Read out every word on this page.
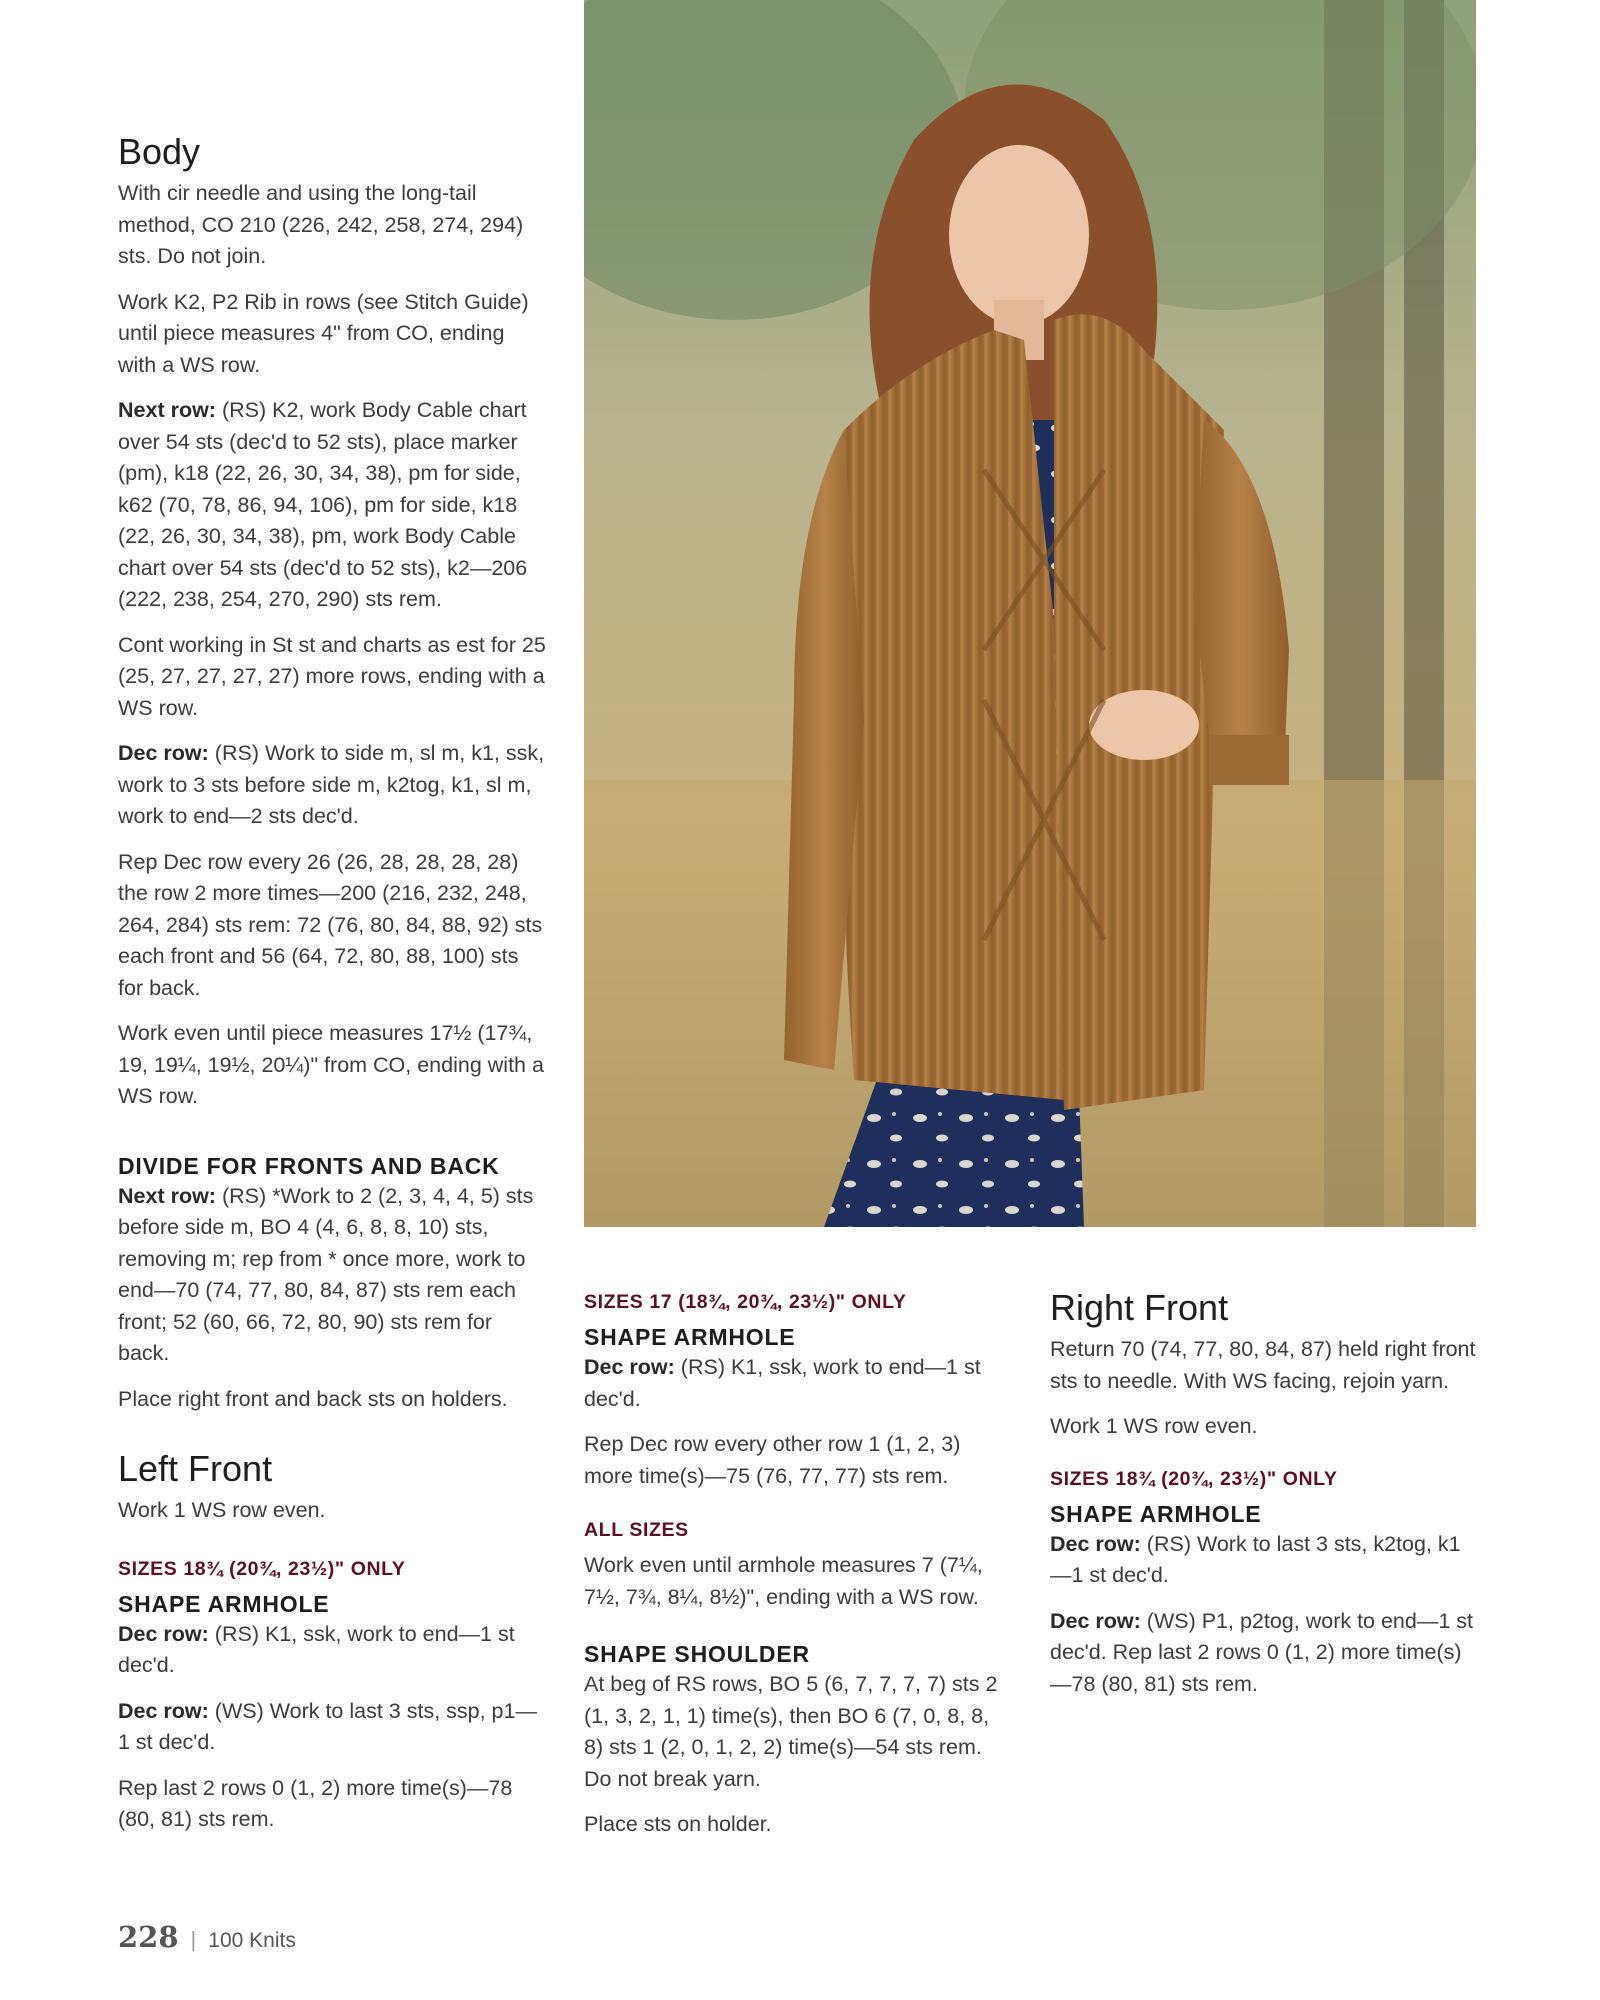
Body

With cir needle and using the long-tail method, CO 210 (226, 242, 258, 274, 294) sts. Do not join.

Work K2, P2 Rib in rows (see Stitch Guide) until piece measures 4" from CO, ending with a WS row.

Next row: (RS) K2, work Body Cable chart over 54 sts (dec'd to 52 sts), place marker (pm), k18 (22, 26, 30, 34, 38), pm for side, k62 (70, 78, 86, 94, 106), pm for side, k18 (22, 26, 30, 34, 38), pm, work Body Cable chart over 54 sts (dec'd to 52 sts), k2—206 (222, 238, 254, 270, 290) sts rem.

Cont working in St st and charts as est for 25 (25, 27, 27, 27, 27) more rows, ending with a WS row.

Dec row: (RS) Work to side m, sl m, k1, ssk, work to 3 sts before side m, k2tog, k1, sl m, work to end—2 sts dec'd.

Rep Dec row every 26 (26, 28, 28, 28, 28) the row 2 more times—200 (216, 232, 248, 264, 284) sts rem: 72 (76, 80, 84, 88, 92) sts each front and 56 (64, 72, 80, 88, 100) sts for back.

Work even until piece measures 17½ (17¾, 19, 19¼, 19½, 20¼)" from CO, ending with a WS row.

DIVIDE FOR FRONTS AND BACK

Next row: (RS) *Work to 2 (2, 3, 4, 4, 5) sts before side m, BO 4 (4, 6, 8, 8, 10) sts, removing m; rep from * once more, work to end—70 (74, 77, 80, 84, 87) sts rem each front; 52 (60, 66, 72, 80, 90) sts rem for back.

Place right front and back sts on holders.

Left Front

Work 1 WS row even.

SIZES 18¾ (20¾, 23½)" ONLY
SHAPE ARMHOLE

Dec row: (RS) K1, ssk, work to end—1 st dec'd.

Dec row: (WS) Work to last 3 sts, ssp, p1—1 st dec'd.

Rep last 2 rows 0 (1, 2) more time(s)—78 (80, 81) sts rem.

SIZES 17 (18¾, 20¾, 23½)" ONLY
SHAPE ARMHOLE

Dec row: (RS) K1, ssk, work to end—1 st dec'd.

Rep Dec row every other row 1 (1, 2, 3) more time(s)—75 (76, 77, 77) sts rem.

ALL SIZES

Work even until armhole measures 7 (7¼, 7½, 7¾, 8¼, 8½)", ending with a WS row.

SHAPE SHOULDER

At beg of RS rows, BO 5 (6, 7, 7, 7, 7) sts 2 (1, 3, 2, 1, 1) time(s), then BO 6 (7, 0, 8, 8, 8) sts 1 (2, 0, 1, 2, 2) time(s)—54 sts rem. Do not break yarn.

Place sts on holder.

Right Front

Return 70 (74, 77, 80, 84, 87) held right front sts to needle. With WS facing, rejoin yarn.

Work 1 WS row even.

SIZES 18¾ (20¾, 23½)" ONLY
SHAPE ARMHOLE

Dec row: (RS) Work to last 3 sts, k2tog, k1—1 st dec'd.

Dec row: (WS) P1, p2tog, work to end—1 st dec'd. Rep last 2 rows 0 (1, 2) more time(s)—78 (80, 81) sts rem.

228 | 100 Knits
